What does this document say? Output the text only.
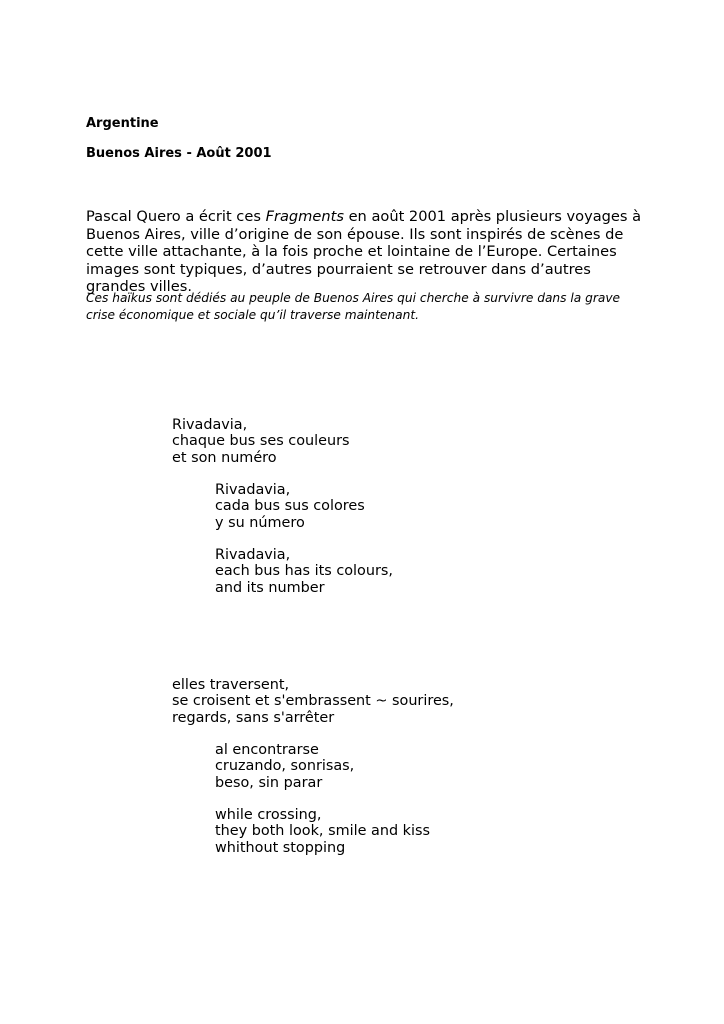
Argentine

Buenos Aires - Août 2001

Pascal Quero a écrit ces Fragments en août 2001 après plusieurs voyages à Buenos Aires, ville d’origine de son épouse. Ils sont inspirés de scènes de cette ville attachante, à la fois proche et lointaine de l’Europe. Certaines images sont typiques, d’autres pourraient se retrouver dans d’autres grandes villes.

Ces haïkus sont dédiés au peuple de Buenos Aires qui cherche à survivre dans la grave crise économique et sociale qu’il traverse maintenant.

Rivadavia,
chaque bus ses couleurs
et son numéro
Rivadavia,
cada bus sus colores
y su número
Rivadavia,
each bus has its colours,
and its number
elles traversent,
se croisent et s'embrassent ~ sourires,
regards, sans s'arrêter
al encontrarse
cruzando, sonrisas,
beso, sin parar
while crossing,
they both look, smile and kiss
whithout stopping
